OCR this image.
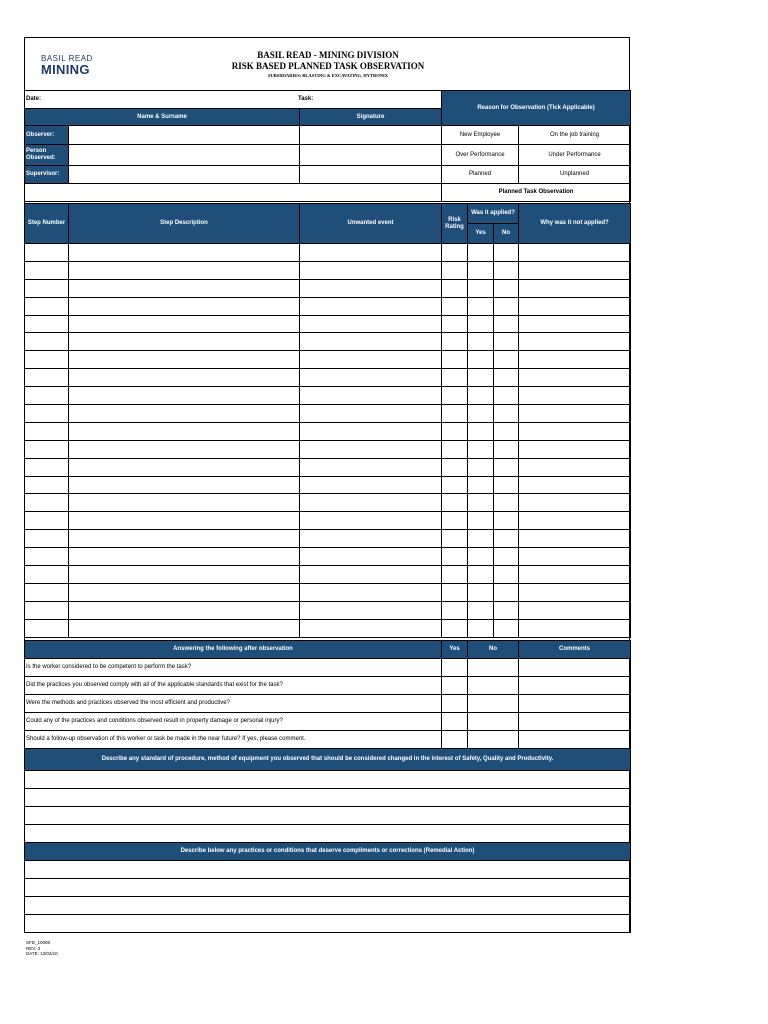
BASIL READ
MINING
BASIL READ - MINING DIVISION
RISK BASED PLANNED TASK OBSERVATION
SUBSIDIARIES: BLASTING & EXCAVATING, HYTRONIX
Date: Task:			Reason for Observation (Tick Applicable)	
Name & Surname		Signature		
Observer:			New Employee	On the job training
Person Observed:			Over Performance	Under Performance
Supervisor:			Planned	Unplanned
			Planned Task Observation	
Step Number	Step Description	Unwanted event	Risk Rating	Was it applied?		Why was it not applied?
				Yes	No	

Answering the following after observation	Yes	No	Comments
Is the worker considered to be competent to perform the task?			
Did the practices you observed comply with all of the applicable standards that exist for the task?			
Were the methods and practices observed the most efficient and productive?			
Could any of the practices and conditions observed result in property damage or personal injury?			
Should a follow-up observation of this worker or task be made in the near future? If yes, please comment.			
Describe any standard of procedure, method of equipment you observed that should be considered changed in the interest of Safety, Quality and Productivity.

Describe below any practices or conditions that deserve compliments or corrections (Remedial Action)

SFD_10006
REV: 3
DATE: 13/02/10
